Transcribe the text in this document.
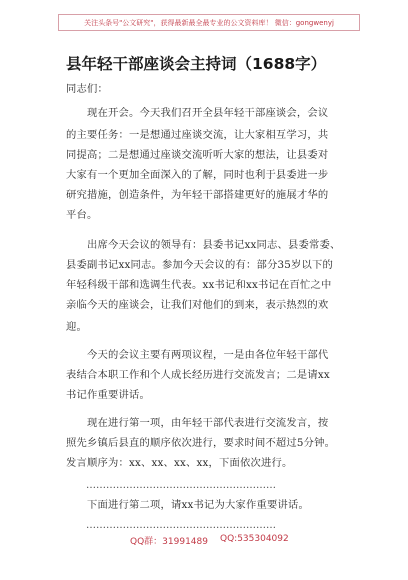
关注头条号"公文研究"，获得最新最全最专业的公文资料库！ 微信：gongwenyj
县年轻干部座谈会主持词（1688字）
同志们：
　　现在开会。今天我们召开全县年轻干部座谈会，会议
的主要任务：一是想通过座谈交流，让大家相互学习，共
同提高；二是想通过座谈交流听听大家的想法，让县委对
大家有一个更加全面深入的了解，同时也利于县委进一步
研究措施，创造条件，为年轻干部搭建更好的施展才华的
平台。
　　出席今天会议的领导有：县委书记xx同志、县委常委、
县委副书记xx同志。参加今天会议的有：部分35岁以下的
年轻科级干部和选调生代表。xx书记和xx书记在百忙之中
亲临今天的座谈会，让我们对他们的到来，表示热烈的欢
迎。
　　今天的会议主要有两项议程，一是由各位年轻干部代
表结合本职工作和个人成长经历进行交流发言；二是请xx
书记作重要讲话。
　　现在进行第一项，由年轻干部代表进行交流发言，按
照先乡镇后县直的顺序依次进行，要求时间不超过5分钟。
发言顺序为：xx、xx、xx、xx，下面依次进行。
　　…………………………………………………
　　下面进行第二项，请xx书记为大家作重要讲话。
　　…………………………………………………
QQ群：31991489 QQ:535304092
